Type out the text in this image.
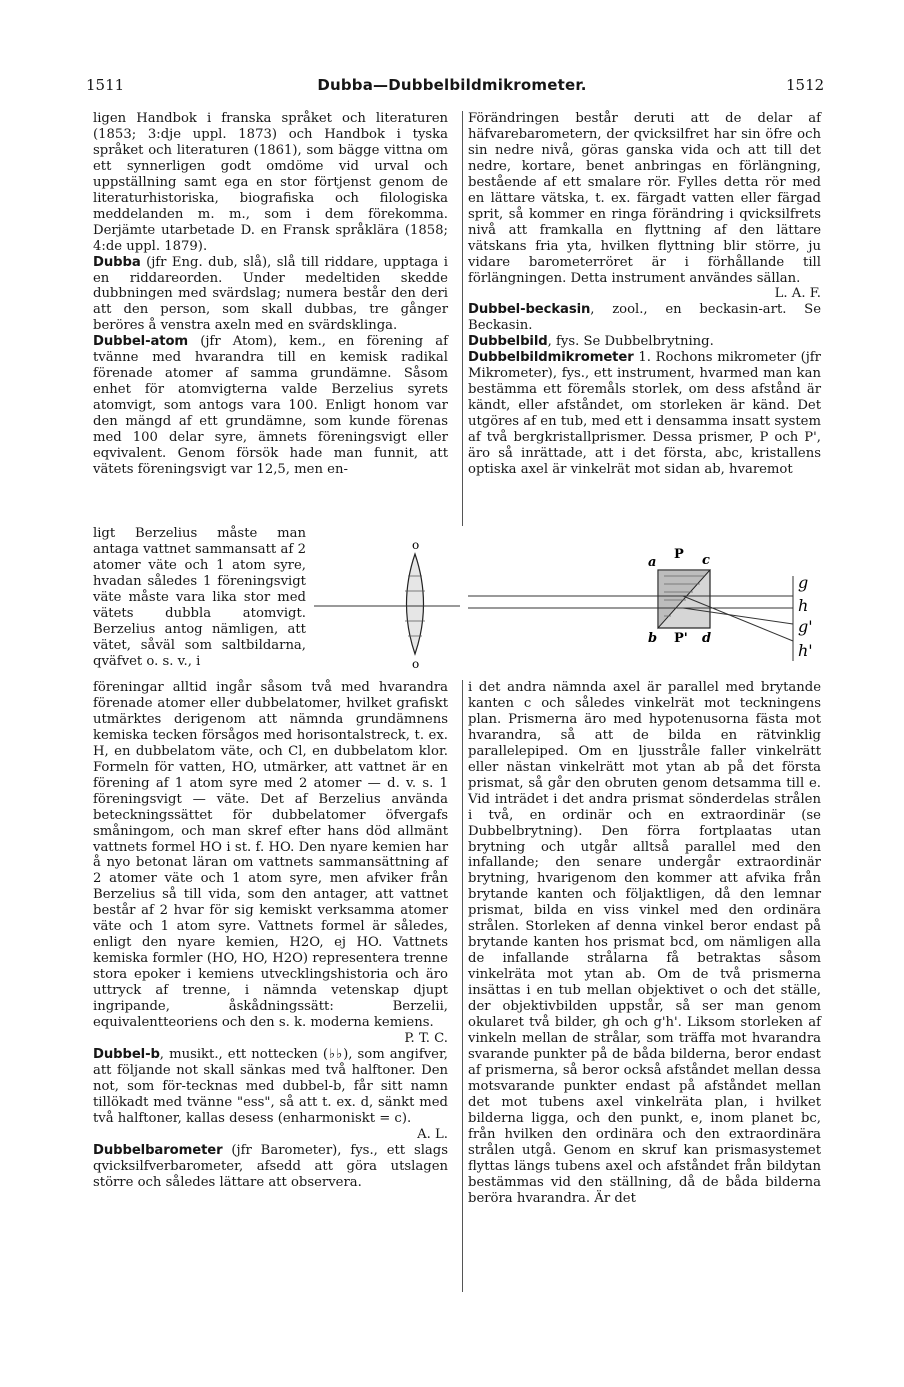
1511	Dubba—Dubbelbildmikrometer.	1512

ligen Handbok i franska språket och literaturen (1853; 3:dje uppl. 1873) och Handbok i tyska språket och literaturen (1861), som bägge vittna om ett synnerligen godt omdöme vid urval och uppställning samt ega en stor förtjenst genom de literaturhistoriska, biografiska och filologiska meddelanden m. m., som i dem förekomma. Derjämte utarbetade D. en Fransk språklära (1858; 4:de uppl. 1879).

Dubba (jfr Eng. dub, slå), slå till riddare, upptaga i en riddareorden. Under medeltiden skedde dubbningen med svärdslag; numera består den deri att den person, som skall dubbas, tre gånger beröres å venstra axeln med en svärdsklinga.

Dubbel-atom (jfr Atom), kem., en förening af tvänne med hvarandra till en kemisk radikal förenade atomer af samma grundämne. Såsom enhet för atomvigterna valde Berzelius syrets atomvigt, som antogs vara 100. Enligt honom var den mängd af ett grundämne, som kunde förenas med 100 delar syre, ämnets föreningsvigt eller eqvivalent. Genom försök hade man funnit, att vätets föreningsvigt var 12,5, men en-

ligt Berzelius måste man antaga vattnet sammansatt af 2 atomer väte och 1 atom syre, hvadan således 1 föreningsvigt väte måste vara lika stor med vätets dubbla atomvigt. Berzelius antog nämligen, att vätet, såväl som saltbildarna, qväfvet o. s. v., i

o
o

föreningar alltid ingår såsom två med hvarandra förenade atomer eller dubbelatomer, hvilket grafiskt utmärktes derigenom att nämnda grundämnens kemiska tecken försågos med horisontalstreck, t. ex. H, en dubbelatom väte, och Cl, en dubbelatom klor. Formeln för vatten, HO, utmärker, att vattnet är en förening af 1 atom syre med 2 atomer — d. v. s. 1 föreningsvigt — väte. Det af Berzelius använda beteckningssättet för dubbelatomer öfvergafs småningom, och man skref efter hans död allmänt vattnets formel HO i st. f. HO. Den nyare kemien har å nyo betonat läran om vattnets sammansättning af 2 atomer väte och 1 atom syre, men afviker från Berzelius så till vida, som den antager, att vattnet består af 2 hvar för sig kemiskt verksamma atomer väte och 1 atom syre. Vattnets formel är således, enligt den nyare kemien, H2O, ej HO. Vattnets kemiska formler (HO, HO, H2O) representera trenne stora epoker i kemiens utvecklingshistoria och äro uttryck af trenne, i nämnda vetenskap djupt ingripande, åskådningssätt: Berzelii, equivalentteoriens och den s. k. moderna kemiens.

P. T. C.

Dubbel-b, musikt., ett nottecken (♭♭), som angifver, att följande not skall sänkas med två halftoner. Den not, som för-tecknas med dubbel-b, får sitt namn tillökadt med tvänne "ess", så att t. ex. d, sänkt med två halftoner, kallas desess (enharmoniskt = c).

A. L.

Dubbelbarometer (jfr Barometer), fys., ett slags qvicksilfverbarometer, afsedd att göra utslagen större och således lättare att observera.

Förändringen består deruti att de delar af häfvarebarometern, der qvicksilfret har sin öfre och sin nedre nivå, göras ganska vida och att till det nedre, kortare, benet anbringas en förlängning, bestående af ett smalare rör. Fylles detta rör med en lättare vätska, t. ex. färgadt vatten eller färgad sprit, så kommer en ringa förändring i qvicksilfrets nivå att framkalla en flyttning af den lättare vätskans fria yta, hvilken flyttning blir större, ju vidare barometerröret är i förhållande till förlängningen. Detta instrument användes sällan.

L. A. F.

Dubbel-beckasin, zool., en beckasin-art. Se Beckasin.

Dubbelbild, fys. Se Dubbelbrytning.

Dubbelbildmikrometer 1. Rochons mikrometer (jfr Mikrometer), fys., ett instrument, hvarmed man kan bestämma ett föremåls storlek, om dess afstånd är kändt, eller afståndet, om storleken är känd. Det utgöres af en tub, med ett i densamma insatt system af två bergkristallprismer. Dessa prismer, P och P', äro så inrättade, att i det första, abc, kristallens optiska axel är vinkelrät mot sidan ab, hvaremot

a
P c
g
h
g'
h'
b P' d

i det andra nämnda axel är parallel med brytande kanten c och således vinkelrät mot teckningens plan. Prismerna äro med hypotenusorna fästa mot hvarandra, så att de bilda en rätvinklig parallelepiped. Om en ljusstråle faller vinkelrätt eller nästan vinkelrätt mot ytan ab på det första prismat, så går den obruten genom detsamma till e. Vid inträdet i det andra prismat sönderdelas strålen i två, en ordinär och en extraordinär (se Dubbelbrytning). Den förra fortplaatas utan brytning och utgår alltså parallel med den infallande; den senare undergår extraordinär brytning, hvarigenom den kommer att afvika från brytande kanten och följaktligen, då den lemnar prismat, bilda en viss vinkel med den ordinära strålen. Storleken af denna vinkel beror endast på brytande kanten hos prismat bcd, om nämligen alla de infallande strålarna få betraktas såsom vinkelräta mot ytan ab. Om de två prismerna insättas i en tub mellan objektivet o och det ställe, der objektivbilden uppstår, så ser man genom okularet två bilder, gh och g'h'. Liksom storleken af vinkeln mellan de strålar, som träffa mot hvarandra svarande punkter på de båda bilderna, beror endast af prismerna, så beror också afståndet mellan dessa motsvarande punkter endast på afståndet mellan det mot tubens axel vinkelräta plan, i hvilket bilderna ligga, och den punkt, e, inom planet bc, från hvilken den ordinära och den extraordinära strålen utgå. Genom en skruf kan prismasystemet flyttas längs tubens axel och afståndet från bildytan bestämmas vid den ställning, då de båda bilderna beröra hvarandra. Är det
